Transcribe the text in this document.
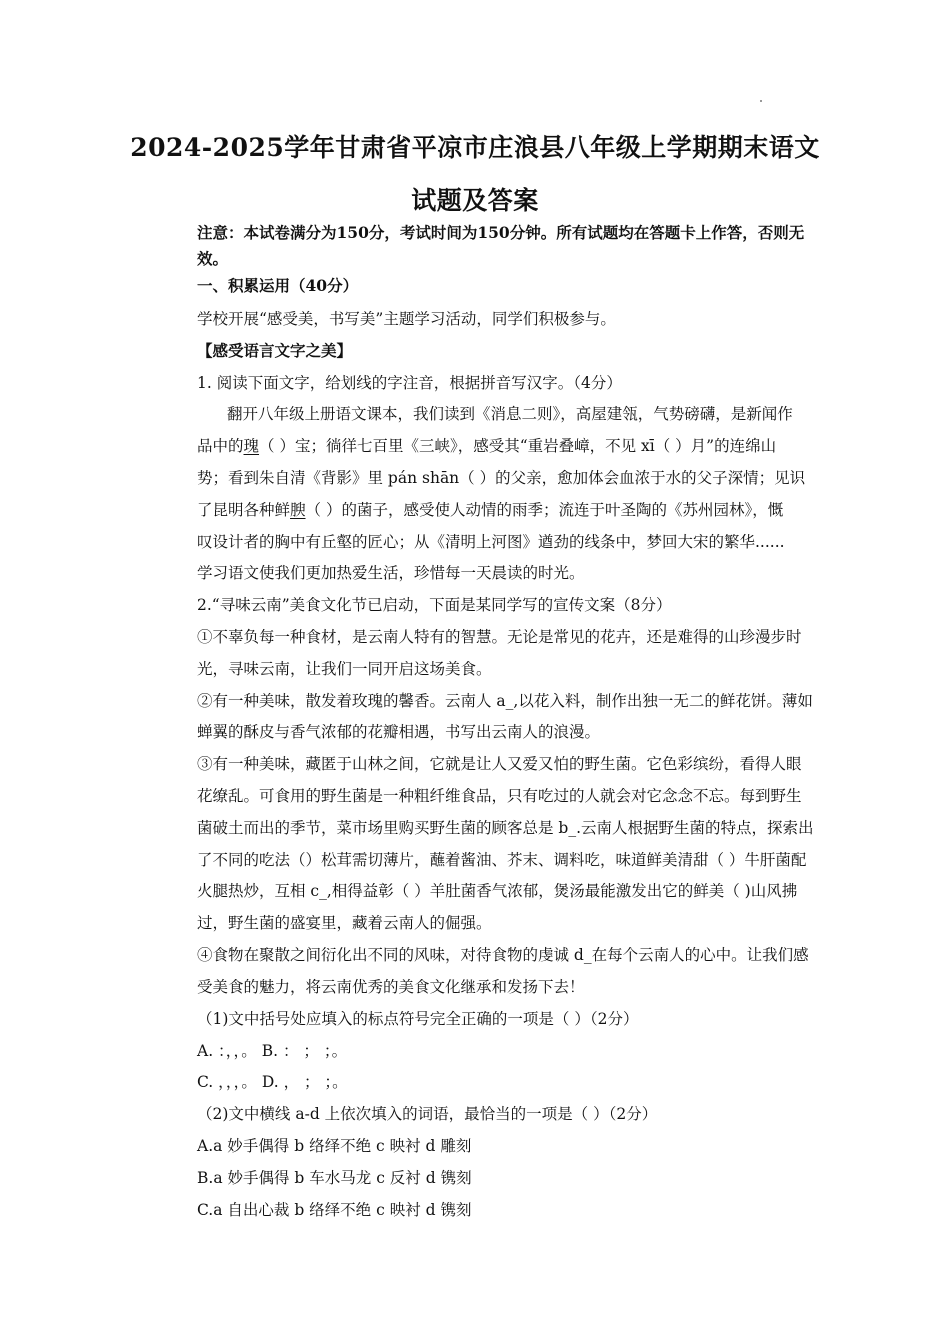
2024-2025学年甘肃省平凉市庄浪县八年级上学期期末语文
试题及答案
注意：本试卷满分为150分，考试时间为150分钟。所有试题均在答题卡上作答，否则无
效。
一、积累运用（40分）
学校开展“感受美，书写美”主题学习活动，同学们积极参与。
【感受语言文字之美】
1. 阅读下面文字，给划线的字注音，根据拼音写汉字。（4分）
翻开八年级上册语文课本，我们读到《消息二则》，高屋建瓴，气势磅礴，是新闻作
品中的瑰（ ）宝；徜徉七百里《三峡》，感受其“重岩叠嶂，不见 xī（ ）月”的连绵山
势；看到朱自清《背影》里 pán shān（ ）的父亲，愈加体会血浓于水的父子深情；见识
了昆明各种鲜腴（ ）的菌子，感受使人动情的雨季；流连于叶圣陶的《苏州园林》，慨
叹设计者的胸中有丘壑的匠心；从《清明上河图》遒劲的线条中，梦回大宋的繁华......
学习语文使我们更加热爱生活，珍惜每一天晨读的时光。
2.“寻味云南”美食文化节已启动，下面是某同学写的宣传文案（8分）
①不辜负每一种食材，是云南人特有的智慧。无论是常见的花卉，还是难得的山珍漫步时
光，寻味云南，让我们一同开启这场美食。
②有一种美味，散发着玫瑰的馨香。云南人 a_,以花入料，制作出独一无二的鲜花饼。薄如
蝉翼的酥皮与香气浓郁的花瓣相遇，书写出云南人的浪漫。
③有一种美味，藏匿于山林之间，它就是让人又爱又怕的野生菌。它色彩缤纷，看得人眼
花缭乱。可食用的野生菌是一种粗纤维食品，只有吃过的人就会对它念念不忘。每到野生
菌破土而出的季节，菜市场里购买野生菌的顾客总是 b_.云南人根据野生菌的特点，探索出
了不同的吃法（）松茸需切薄片，蘸着酱油、芥末、调料吃，味道鲜美清甜（ ）牛肝菌配
火腿热炒，互相 c_,相得益彰（ ）羊肚菌香气浓郁，煲汤最能激发出它的鲜美（ )山风拂
过，野生菌的盛宴里，藏着云南人的倔强。
④食物在聚散之间衍化出不同的风味，对待食物的虔诚 d_在每个云南人的心中。让我们感
受美食的魅力，将云南优秀的美食文化继承和发扬下去！
（1)文中括号处应填入的标点符号完全正确的一项是（ ）（2分）
A. ：，，。 B. ： ； ；。
C. ，，，。 D. ， ； ；。
（2)文中横线 a-d 上依次填入的词语，最恰当的一项是（ ）（2分）
A.a 妙手偶得 b 络绎不绝 c 映衬 d 雕刻
B.a 妙手偶得 b 车水马龙 c 反衬 d 镌刻
C.a 自出心裁 b 络绎不绝 c 映衬 d 镌刻
